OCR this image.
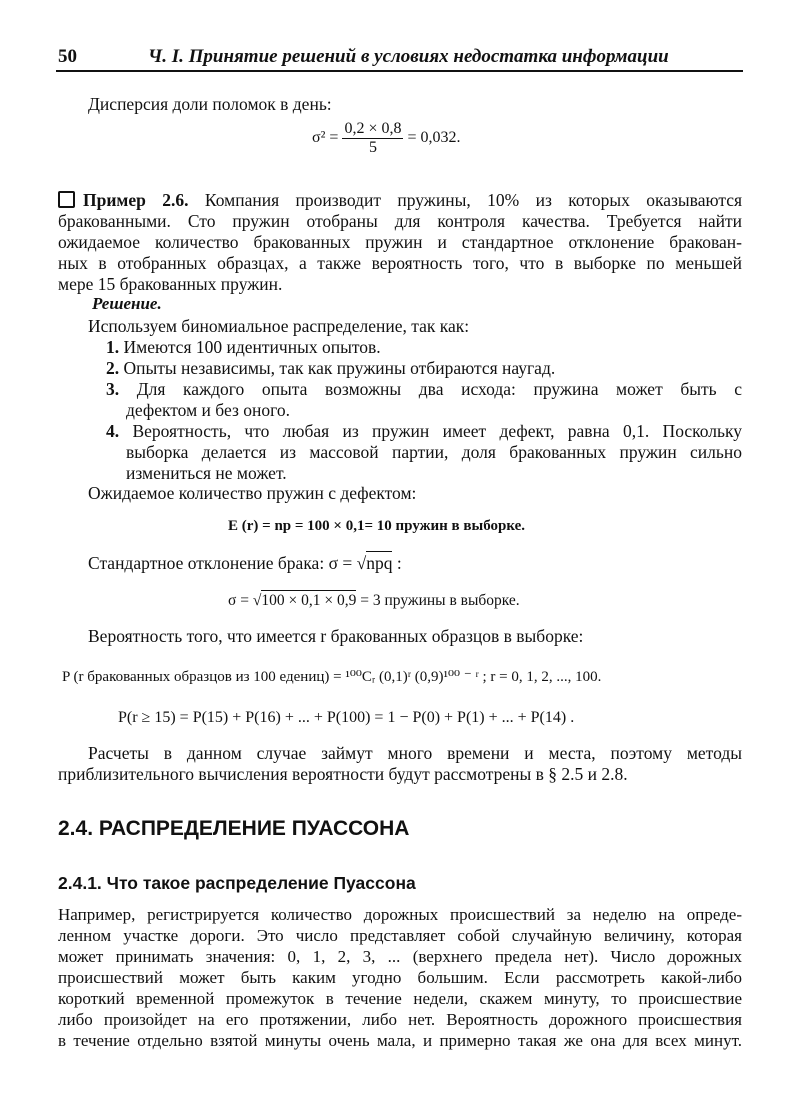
50	Ч. I. Принятие решений в условиях недостатка информации
Дисперсия доли поломок в день:
$\sigma^2 = \frac{0,2 \times 0,8}{5} = 0,032$.
Пример 2.6. Компания производит пружины, 10% из которых оказываются
бракованными. Сто пружин отобраны для контроля качества. Требуется найти
ожидаемое количество бракованных пружин и стандартное отклонение бракован-
ных в отобранных образцах, а также вероятность того, что в выборке по меньшей
мере 15 бракованных пружин.
Решение.
Используем биномиальное распределение, так как:
1. Имеются 100 идентичных опытов.
2. Опыты независимы, так как пружины отбираются наугад.
3. Для каждого опыта возможны два исхода: пружина может быть с
дефектом и без оного.
4. Вероятность, что любая из пружин имеет дефект, равна 0,1. Поскольку
выборка делается из массовой партии, доля бракованных пружин сильно
измениться не может.
Ожидаемое количество пружин с дефектом:
E (r) = np = 100 × 0,1= 10 пружин в выборке.
Стандартное отклонение брака: σ = √npq :
σ = √100 × 0,1 × 0,9 = 3 пружины в выборке.
Вероятность того, что имеется r бракованных образцов в выборке:
P (r бракованных образцов из 100 едениц) = ¹⁰⁰Cᵣ (0,1)ʳ (0,9)¹⁰⁰ ⁻ ʳ ; r = 0, 1, 2, ..., 100.
P(r ≥ 15) = P(15) + P(16) + ... + P(100) = 1 − P(0) + P(1) + ... + P(14) .
Расчеты в данном случае займут много времени и места, поэтому методы
приблизительного вычисления вероятности будут рассмотрены в § 2.5 и 2.8.
2.4. РАСПРЕДЕЛЕНИЕ ПУАССОНА
2.4.1. Что такое распределение Пуассона
Например, регистрируется количество дорожных происшествий за неделю на опреде-
ленном участке дороги. Это число представляет собой случайную величину, которая
может принимать значения: 0, 1, 2, 3, ... (верхнего предела нет). Число дорожных
происшествий может быть каким угодно большим. Если рассмотреть какой-либо
короткий временной промежуток в течение недели, скажем минуту, то происшествие
либо произойдет на его протяжении, либо нет. Вероятность дорожного происшествия
в течение отдельно взятой минуты очень мала, и примерно такая же она для всех минут.
